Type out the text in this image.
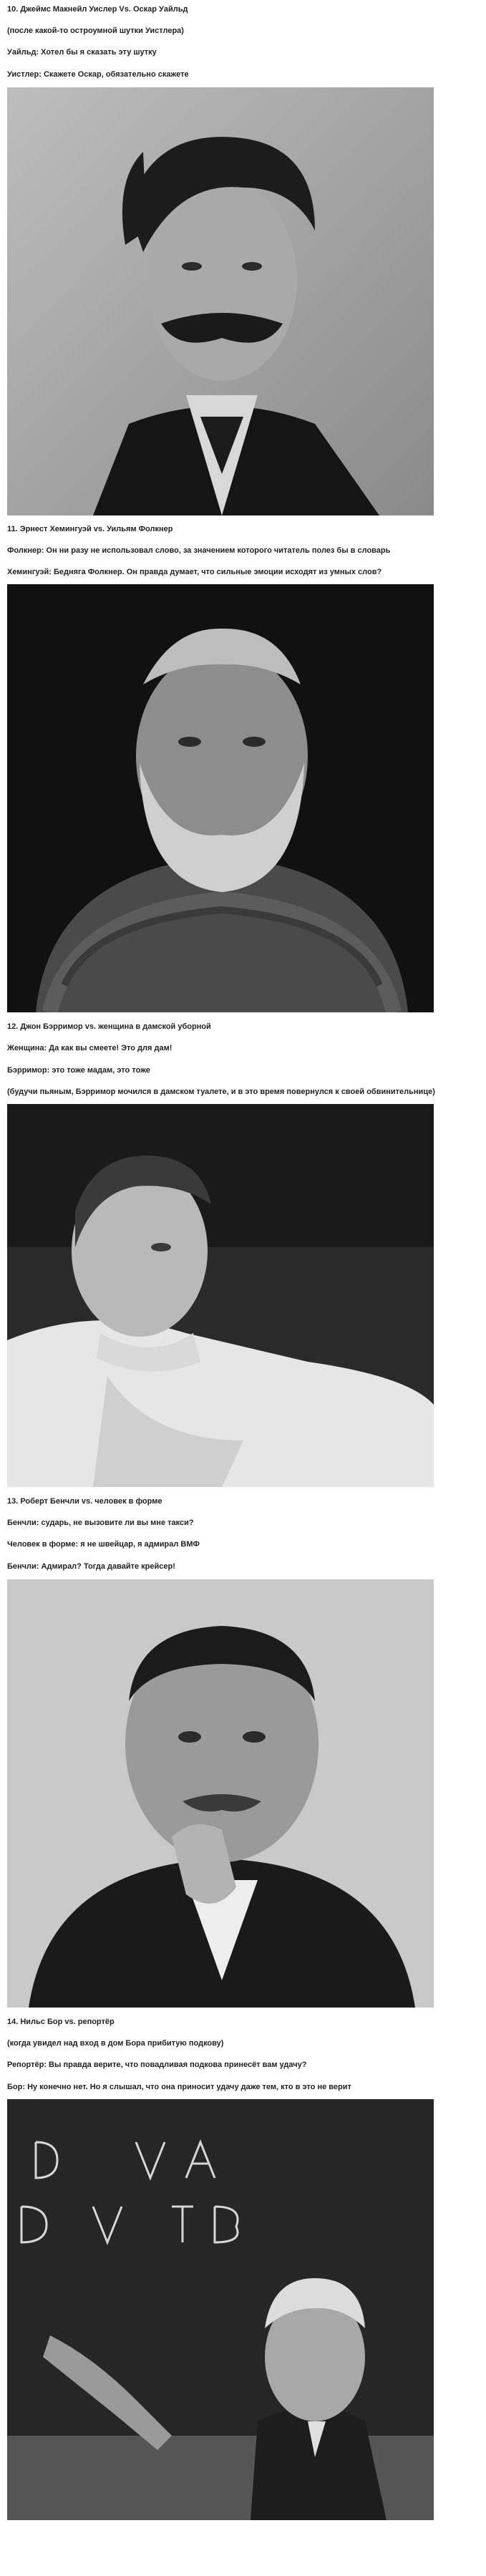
10. Джеймс Макнейл Уислер Vs. Оскар Уайльд
(после какой-то остроумной шутки Уистлера)
Уайльд: Хотел бы я сказать эту шутку
Уистлер: Скажете Оскар, обязательно скажете
11. Эрнест Хемингуэй vs. Уильям Фолкнер
Фолкнер: Он ни разу не использовал слово, за значением которого читатель полез бы в словарь
Хемингуэй: Бедняга Фолкнер. Он правда думает, что сильные эмоции исходят из умных слов?
12. Джон Бэрримор vs. женщина в дамской уборной
Женщина: Да как вы смеете! Это для дам!
Бэрримор: это тоже мадам, это тоже
(будучи пьяным, Бэрримор мочился в дамском туалете, и в это время повернулся к своей обвинительнице)
13. Роберт Бенчли vs. человек в форме
Бенчли: сударь, не вызовите ли вы мне такси?
Человек в форме: я не швейцар, я адмирал ВМФ
Бенчли: Адмирал? Тогда давайте крейсер!
14. Нильс Бор vs. репортёр
(когда увидел над вход в дом Бора прибитую подкову)
Репортёр: Вы правда верите, что повадливая подкова принесёт вам удачу?
Бор: Ну конечно нет. Но я слышал, что она приносит удачу даже тем, кто в это не верит
